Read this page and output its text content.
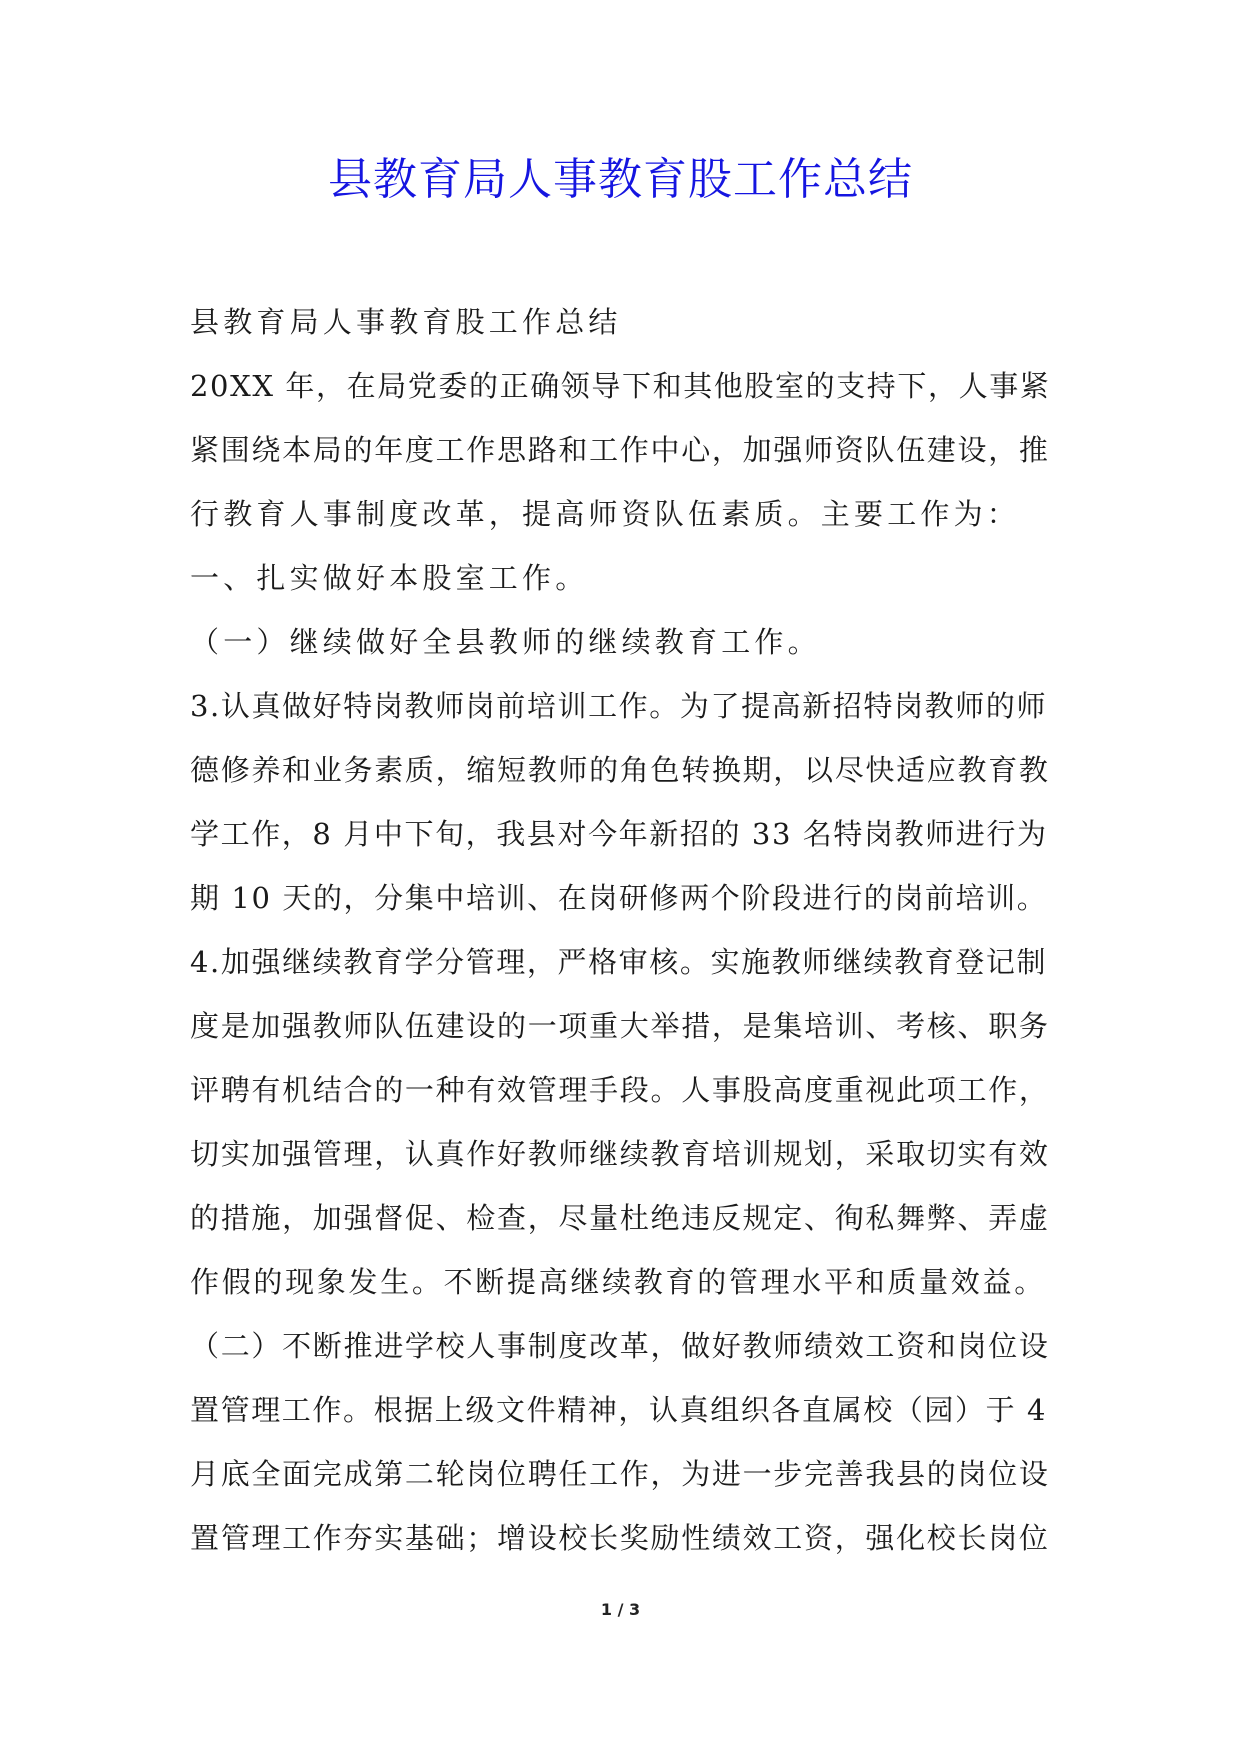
县教育局人事教育股工作总结
县教育局人事教育股工作总结
20XX 年，在局党委的正确领导下和其他股室的支持下，人事紧
紧围绕本局的年度工作思路和工作中心，加强师资队伍建设，推
行教育人事制度改革，提高师资队伍素质。主要工作为：
一、扎实做好本股室工作。
（一）继续做好全县教师的继续教育工作。
3.认真做好特岗教师岗前培训工作。为了提高新招特岗教师的师
德修养和业务素质，缩短教师的角色转换期，以尽快适应教育教
学工作，8 月中下旬，我县对今年新招的 33 名特岗教师进行为
期 10 天的，分集中培训、在岗研修两个阶段进行的岗前培训。
4.加强继续教育学分管理，严格审核。实施教师继续教育登记制
度是加强教师队伍建设的一项重大举措，是集培训、考核、职务
评聘有机结合的一种有效管理手段。人事股高度重视此项工作，
切实加强管理，认真作好教师继续教育培训规划，采取切实有效
的措施，加强督促、检查，尽量杜绝违反规定、徇私舞弊、弄虚
作假的现象发生。不断提高继续教育的管理水平和质量效益。
（二）不断推进学校人事制度改革，做好教师绩效工资和岗位设
置管理工作。根据上级文件精神，认真组织各直属校（园）于 4
月底全面完成第二轮岗位聘任工作，为进一步完善我县的岗位设
置管理工作夯实基础；增设校长奖励性绩效工资，强化校长岗位
1 / 3
